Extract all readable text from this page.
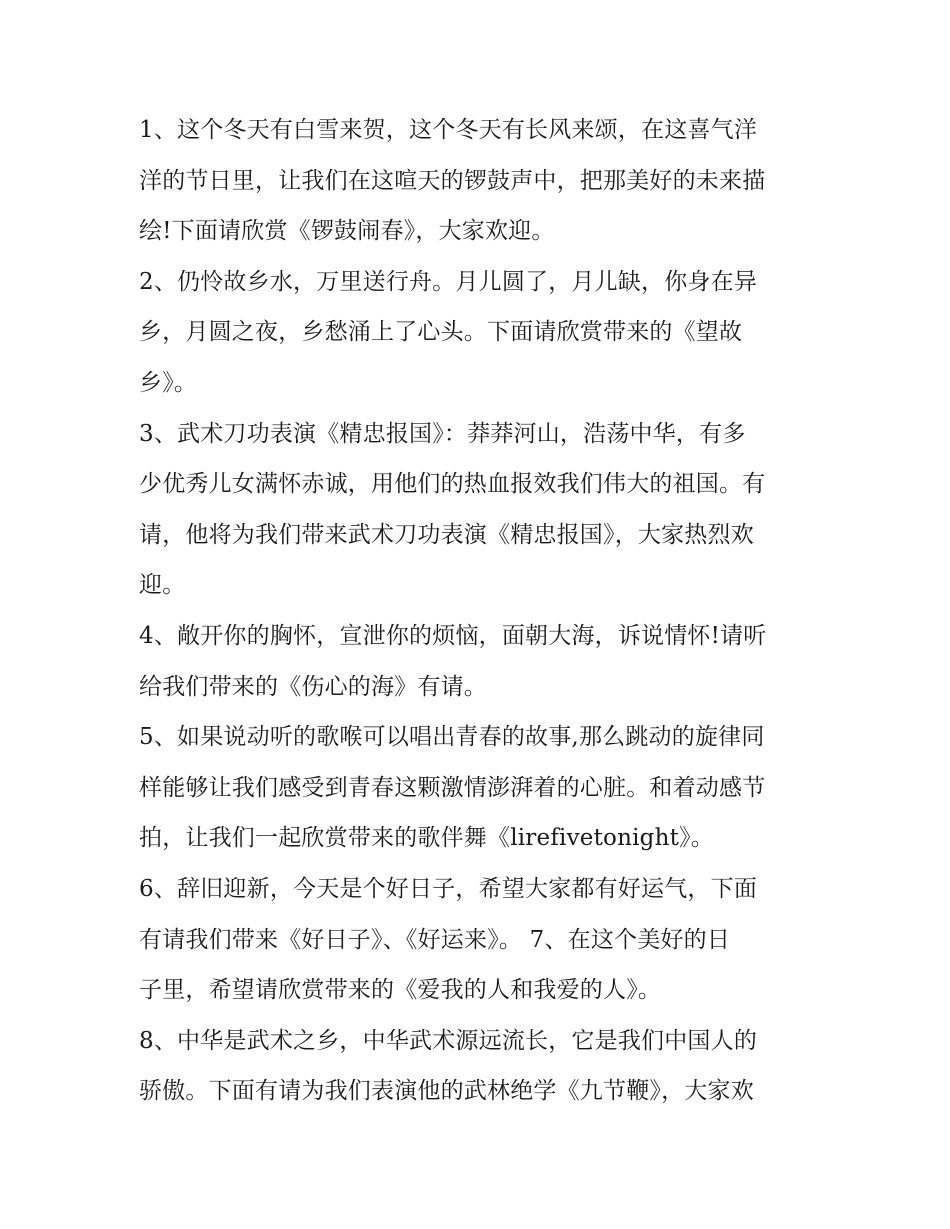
1、这个冬天有白雪来贺，这个冬天有长风来颂，在这喜气洋
洋的节日里，让我们在这喧天的锣鼓声中，把那美好的未来描
绘!下面请欣赏《锣鼓闹春》，大家欢迎。
2、仍怜故乡水，万里送行舟。月儿圆了，月儿缺，你身在异
乡，月圆之夜，乡愁涌上了心头。下面请欣赏带来的《望故
乡》。
3、武术刀功表演《精忠报国》：莽莽河山，浩荡中华，有多
少优秀儿女满怀赤诚，用他们的热血报效我们伟大的祖国。有
请，他将为我们带来武术刀功表演《精忠报国》，大家热烈欢
迎。
4、敞开你的胸怀，宣泄你的烦恼，面朝大海，诉说情怀!请听
给我们带来的《伤心的海》有请。
5、如果说动听的歌喉可以唱出青春的故事,那么跳动的旋律同
样能够让我们感受到青春这颗激情澎湃着的心脏。和着动感节
拍，让我们一起欣赏带来的歌伴舞《lirefivetonight》。
6、辞旧迎新，今天是个好日子，希望大家都有好运气，下面
有请我们带来《好日子》、《好运来》。 7、在这个美好的日
子里，希望请欣赏带来的《爱我的人和我爱的人》。
8、中华是武术之乡，中华武术源远流长，它是我们中国人的
骄傲。下面有请为我们表演他的武林绝学《九节鞭》，大家欢
